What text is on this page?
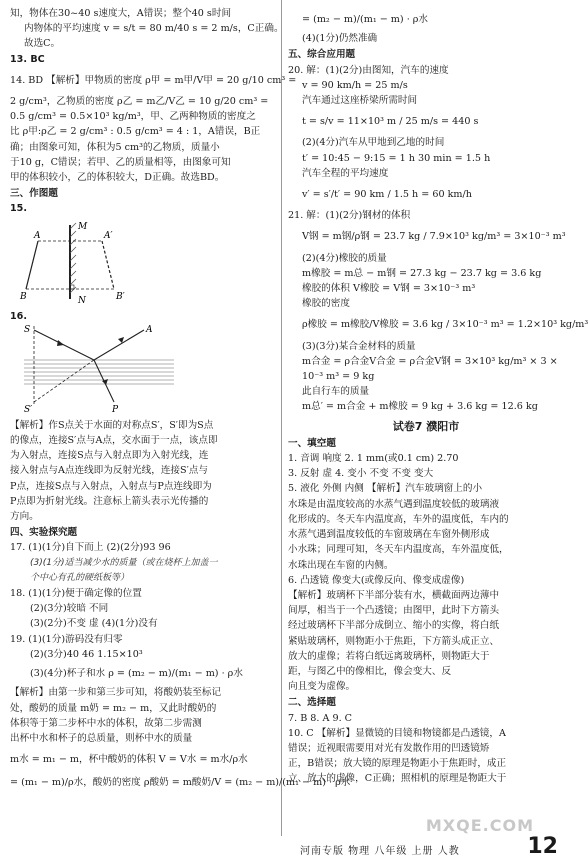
知，物体在30~40 s速度大，A错误；整个40 s时间
内物体的平均速度 v = s/t = 80 m/40 s = 2 m/s，C正确。
故选C。
13. BC
14. BD 【解析】甲物质的密度 ρ甲 = m甲/V甲 = 20 g/10 cm³ =
2 g/cm³，乙物质的密度 ρ乙 = m乙/V乙 = 10 g/20 cm³ =
0.5 g/cm³ = 0.5×10³ kg/m³，甲、乙两种物质的密度之
比 ρ甲:ρ乙 = 2 g/cm³ : 0.5 g/cm³ = 4 : 1，A错误，B正
确；由图象可知，体积为5 cm³的乙物质，质量小
于10 g，C错误；若甲、乙的质量相等，由图象可知
甲的体积较小，乙的体积较大，D正确。故选BD。
三、作图题
15.
A	A′
B	B′
M
N
16.
S	A
S′	P
【解析】作S点关于水面的对称点S′，S′即为S点
的像点，连接S′点与A点，交水面于一点，该点即
为入射点，连接S点与入射点即为入射光线，连
接入射点与A点连线即为反射光线，连接S′点与
P点，连接S点与入射点，入射点与P点连线即为
P点即为折射光线。注意标上箭头表示光传播的
方向。
四、实验探究题
17. (1)(1分)自下而上 (2)(2分)93 96
(3)(1分)适当减少水的质量（或在烧杯上加盖一
个中心有孔的硬纸板等）
18. (1)(1分)便于确定像的位置
(2)(3分)较暗 不同
(3)(2分)不变 虚 (4)(1分)没有
19. (1)(1分)游码没有归零
(2)(3分)40 46 1.15×10³
(3)(4分)杯子和水 ρ = (m₂ − m)/(m₁ − m) · ρ水
【解析】由第一步和第三步可知，将酸奶装至标记
处，酸奶的质量 m奶 = m₂ − m，又此时酸奶的
体积等于第二步杯中水的体积，故第二步需测
出杯中水和杯子的总质量，则杯中水的质量
m水 = m₁ − m，杯中酸奶的体积 V = V水 = m水/ρ水
= (m₁ − m)/ρ水，酸奶的密度 ρ酸奶 = m酸奶/V = (m₂ − m)/(m₁ − m) · ρ水
= (m₂ − m)/(m₁ − m) · ρ水
(4)(1分)仍然准确
五、综合应用题
20. 解：(1)(2分)由图知，汽车的速度
v = 90 km/h = 25 m/s
汽车通过这座桥梁所需时间
t = s/v = 11×10³ m / 25 m/s = 440 s
(2)(4分)汽车从甲地到乙地的时间
t′ = 10:45 − 9:15 = 1 h 30 min = 1.5 h
汽车全程的平均速度
v′ = s′/t′ = 90 km / 1.5 h = 60 km/h
21. 解：(1)(2分)钢材的体积
V钢 = m钢/ρ钢 = 23.7 kg / 7.9×10³ kg/m³ = 3×10⁻³ m³
(2)(4分)橡胶的质量
m橡胶 = m总 − m钢 = 27.3 kg − 23.7 kg = 3.6 kg
橡胶的体积 V橡胶 = V钢 = 3×10⁻³ m³
橡胶的密度
ρ橡胶 = m橡胶/V橡胶 = 3.6 kg / 3×10⁻³ m³ = 1.2×10³ kg/m³
(3)(3分)某合金材料的质量
m合金 = ρ合金V合金 = ρ合金V钢 = 3×10³ kg/m³ × 3 ×
10⁻³ m³ = 9 kg
此自行车的质量
m总′ = m合金 + m橡胶 = 9 kg + 3.6 kg = 12.6 kg
试卷7 濮阳市
一、填空题
1. 音调 响度 2. 1 mm(或0.1 cm) 2.70
3. 反射 虚 4. 变小 不变 不变 变大
5. 液化 外侧 内侧 【解析】汽车玻璃窗上的小
水珠是由温度较高的水蒸气遇到温度较低的玻璃液
化形成的。冬天车内温度高，车外的温度低，车内的
水蒸气遇到温度较低的车窗玻璃在车窗外侧形成
小水珠；同理可知，冬天车内温度高，车外温度低，
水珠出现在车窗的内侧。
6. 凸透镜 像变大(或像反向、像变成虚像)
【解析】玻璃杯下半部分装有水，横截面两边薄中
间厚，相当于一个凸透镜；由图甲，此时下方箭头
经过玻璃杯下半部分成倒立、缩小的实像，将白纸
紧贴玻璃杯，则物距小于焦距，下方箭头成正立、
放大的虚像；若将白纸远离玻璃杯，则物距大于
距，与图乙中的像相比，像会变大、反
向且变为虚像。
二、选择题
7. B 8. A 9. C
10. C 【解析】显微镜的目镜和物镜都是凸透镜，A
错误；近视眼需要用对光有发散作用的凹透镜矫
正，B错误；放大镜的原理是物距小于焦距时，成正
立、放大的虚像，C正确；照相机的原理是物距大于
MXQE.COM
河南专版 物理 八年级 上册 人教	12
